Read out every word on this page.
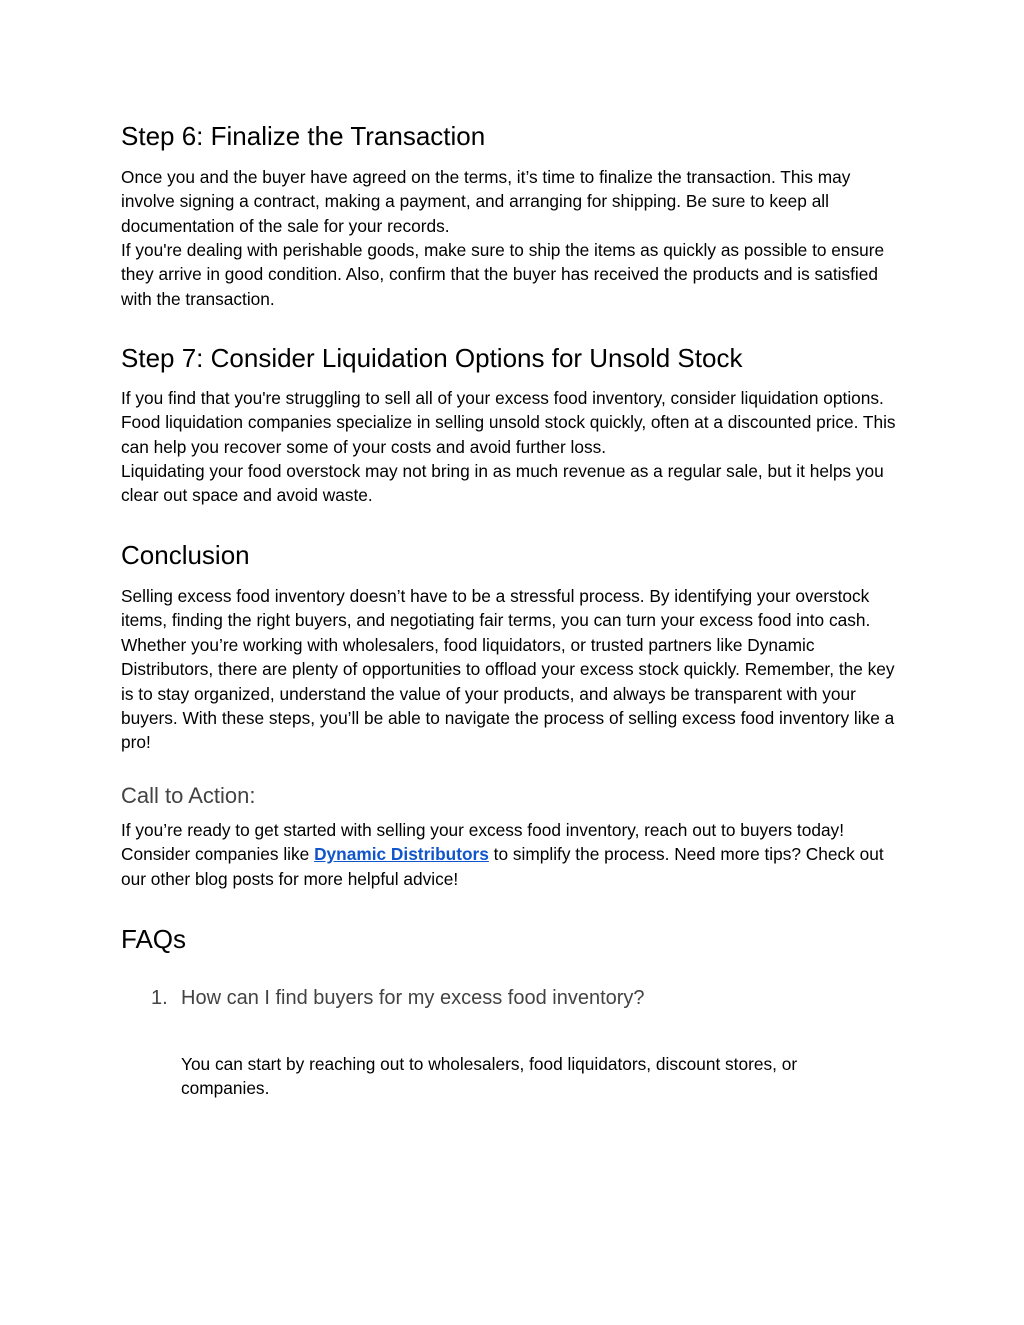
Step 6: Finalize the Transaction

Once you and the buyer have agreed on the terms, it’s time to finalize the transaction. This may involve signing a contract, making a payment, and arranging for shipping. Be sure to keep all documentation of the sale for your records.

If you're dealing with perishable goods, make sure to ship the items as quickly as possible to ensure they arrive in good condition. Also, confirm that the buyer has received the products and is satisfied with the transaction.

Step 7: Consider Liquidation Options for Unsold Stock

If you find that you're struggling to sell all of your excess food inventory, consider liquidation options. Food liquidation companies specialize in selling unsold stock quickly, often at a discounted price. This can help you recover some of your costs and avoid further loss.

Liquidating your food overstock may not bring in as much revenue as a regular sale, but it helps you clear out space and avoid waste.

Conclusion

Selling excess food inventory doesn’t have to be a stressful process. By identifying your overstock items, finding the right buyers, and negotiating fair terms, you can turn your excess food into cash. Whether you’re working with wholesalers, food liquidators, or trusted partners like Dynamic Distributors, there are plenty of opportunities to offload your excess stock quickly. Remember, the key is to stay organized, understand the value of your products, and always be transparent with your buyers. With these steps, you’ll be able to navigate the process of selling excess food inventory like a pro!

Call to Action:

If you’re ready to get started with selling your excess food inventory, reach out to buyers today! Consider companies like Dynamic Distributors to simplify the process. Need more tips? Check out our other blog posts for more helpful advice!

FAQs
1. How can I find buyers for my excess food inventory?

You can start by reaching out to wholesalers, food liquidators, discount stores, or companies.
